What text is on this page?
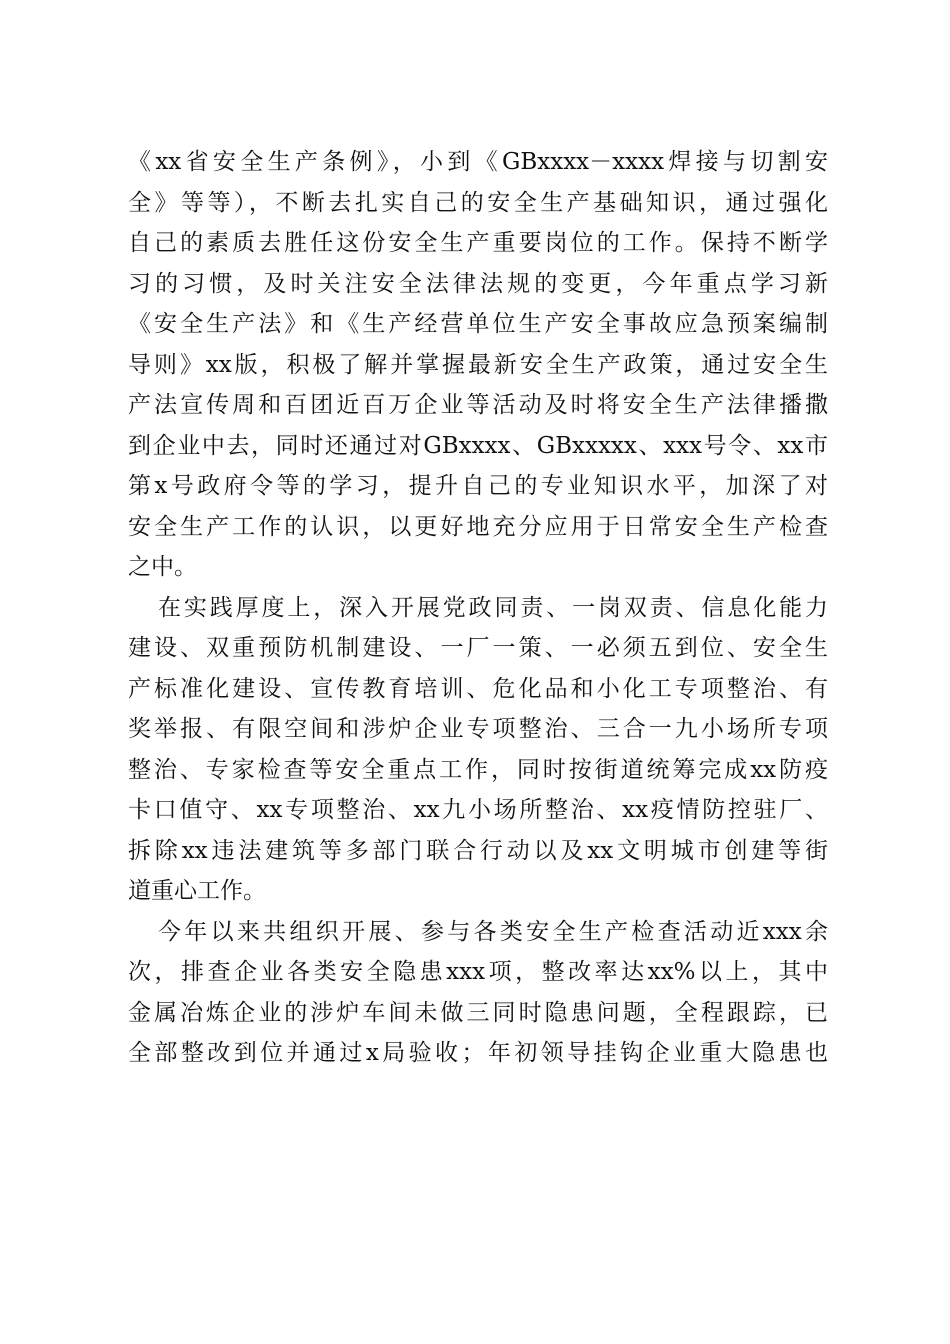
《xx省安全生产条例》，小到《GBxxxx－xxxx焊接与切割安
全》等等），不断去扎实自己的安全生产基础知识，通过强化
自己的素质去胜任这份安全生产重要岗位的工作。保持不断学
习的习惯，及时关注安全法律法规的变更，今年重点学习新
《安全生产法》和《生产经营单位生产安全事故应急预案编制
导则》xx版，积极了解并掌握最新安全生产政策，通过安全生
产法宣传周和百团近百万企业等活动及时将安全生产法律播撒
到企业中去，同时还通过对GBxxxx、GBxxxxx、xxx号令、xx市
第x号政府令等的学习，提升自己的专业知识水平，加深了对
安全生产工作的认识，以更好地充分应用于日常安全生产检查
之中。
在实践厚度上，深入开展党政同责、一岗双责、信息化能力
建设、双重预防机制建设、一厂一策、一必须五到位、安全生
产标准化建设、宣传教育培训、危化品和小化工专项整治、有
奖举报、有限空间和涉炉企业专项整治、三合一九小场所专项
整治、专家检查等安全重点工作，同时按街道统筹完成xx防疫
卡口值守、xx专项整治、xx九小场所整治、xx疫情防控驻厂、
拆除xx违法建筑等多部门联合行动以及xx文明城市创建等街
道重心工作。
今年以来共组织开展、参与各类安全生产检查活动近xxx余
次，排查企业各类安全隐患xxx项，整改率达xx%以上，其中
金属冶炼企业的涉炉车间未做三同时隐患问题，全程跟踪，已
全部整改到位并通过x局验收；年初领导挂钩企业重大隐患也
